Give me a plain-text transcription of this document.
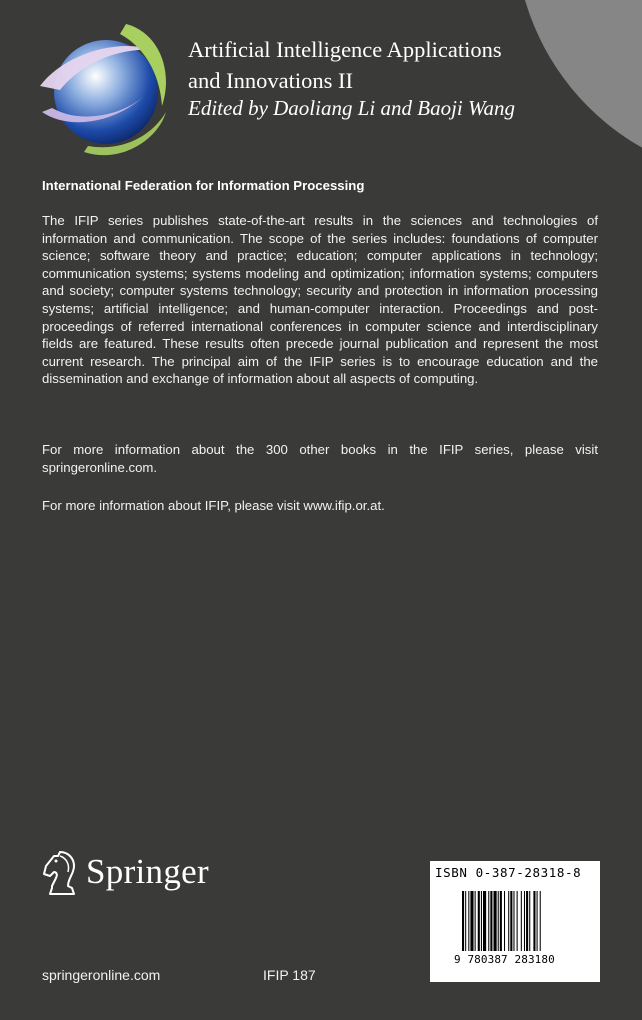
Artificial Intelligence Applications
and Innovations II
Edited by Daoliang Li and Baoji Wang
International Federation for Information Processing

The IFIP series publishes state-of-the-art results in the sciences and technologies of information and communication. The scope of the series includes: foundations of computer science; software theory and practice; education; computer applications in technology; communication systems; systems modeling and optimization; information systems; computers and society; computer systems technology; security and protection in information processing systems; artificial intelligence; and human-computer interaction. Proceedings and post-proceedings of referred international conferences in computer science and interdisciplinary fields are featured. These results often precede journal publication and represent the most current research. The principal aim of the IFIP series is to encourage education and the dissemination and exchange of information about all aspects of computing.

For more information about the 300 other books in the IFIP series, please visit springeronline.com.

For more information about IFIP, please visit www.ifip.or.at.

Springer
springeronline.com	IFIP 187
ISBN 0-387-28318-8
9 780387 283180
